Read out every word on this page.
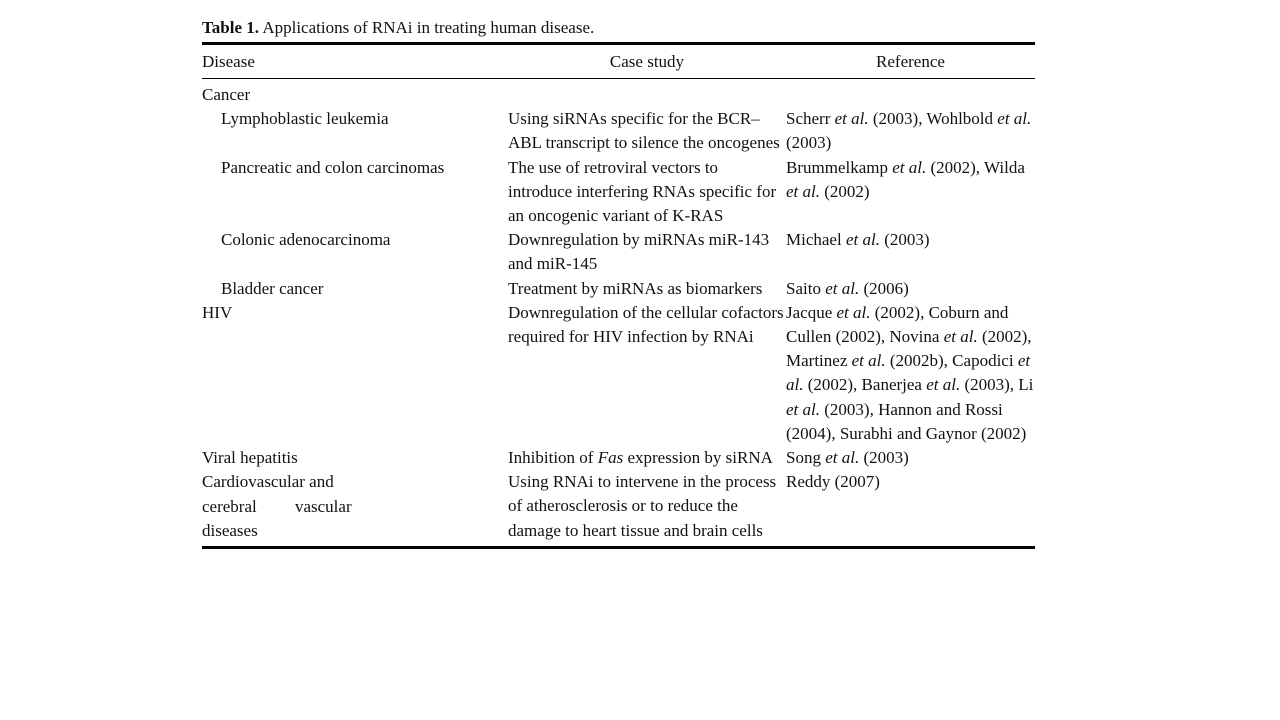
Table 1. Applications of RNAi in treating human disease.
Disease	Case study	Reference
Cancer		
Lymphoblastic leukemia	Using siRNAs specific for the BCR–ABL transcript to silence the oncogenes	Scherr et al. (2003), Wohlbold et al. (2003)
Pancreatic and colon carcinomas	The use of retroviral vectors to introduce interfering RNAs specific for an oncogenic variant of K-RAS	Brummelkamp et al. (2002), Wilda et al. (2002)
Colonic adenocarcinoma	Downregulation by miRNAs miR-143 and miR-145	Michael et al. (2003)
Bladder cancer	Treatment by miRNAs as biomarkers	Saito et al. (2006)
HIV	Downregulation of the cellular cofactors required for HIV infection by RNAi	Jacque et al. (2002), Coburn and Cullen (2002), Novina et al. (2002), Martinez et al. (2002b), Capodici et al. (2002), Banerjea et al. (2003), Li et al. (2003), Hannon and Rossi (2004), Surabhi and Gaynor (2002)
Viral hepatitis	Inhibition of Fas expression by siRNA	Song et al. (2003)

Cardiovascular and
cerebral vascular
diseases	Using RNAi to intervene in the process of atherosclerosis or to reduce the damage to heart tissue and brain cells	Reddy (2007)
